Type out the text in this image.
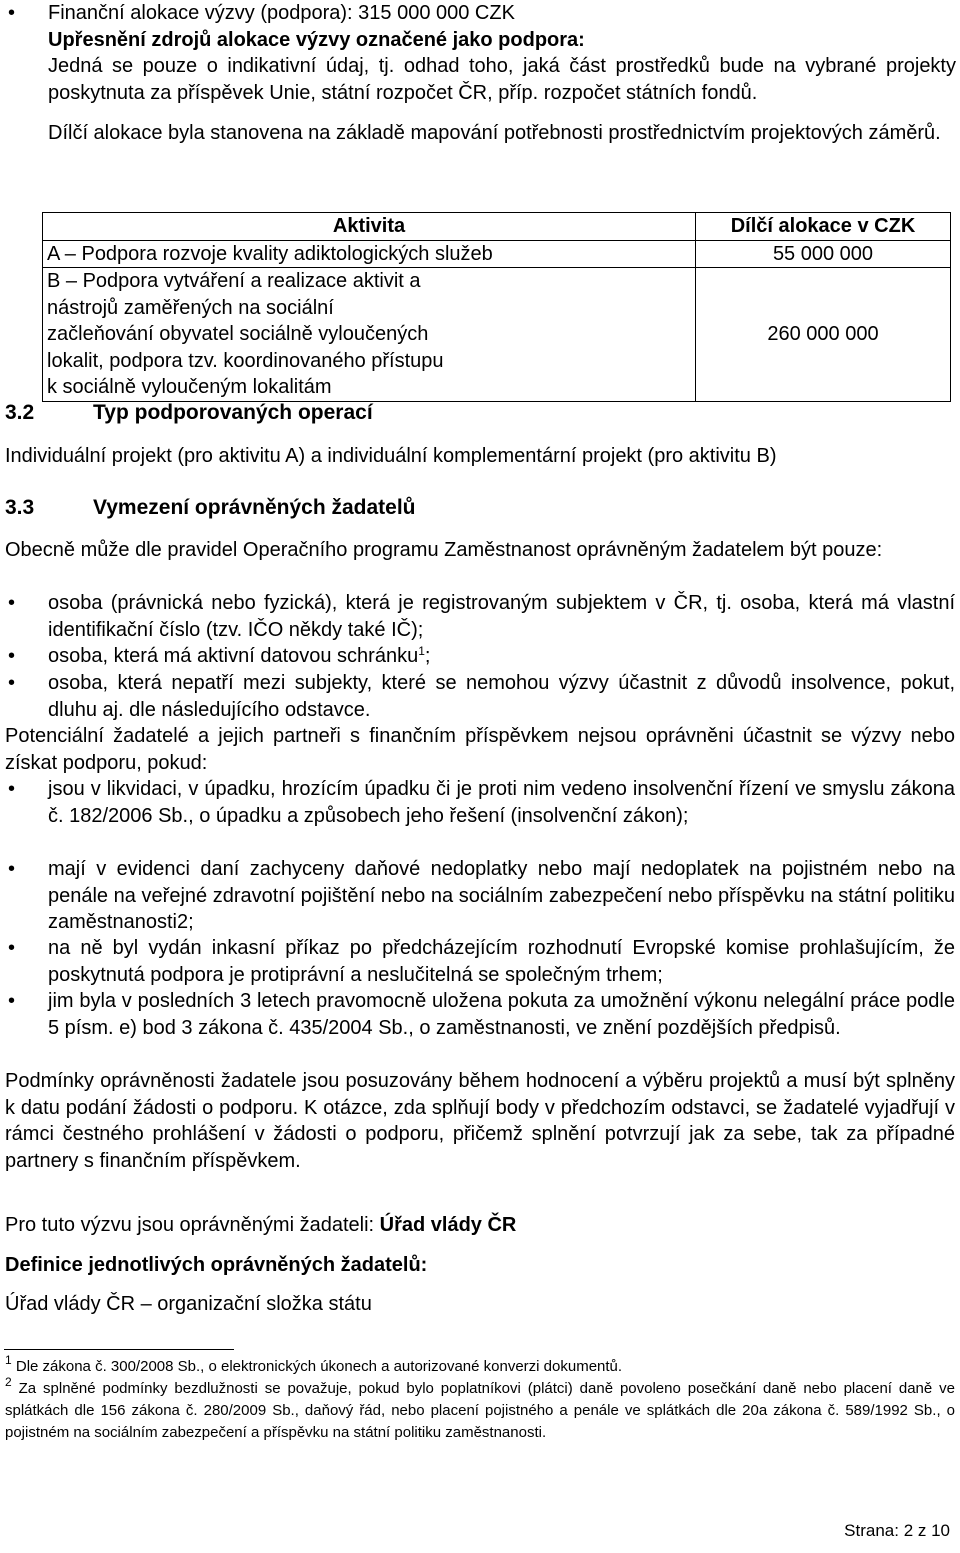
• Finanční alokace výzvy (podpora): 315 000 000 CZK
Upřesnění zdrojů alokace výzvy označené jako podpora:
Jedná se pouze o indikativní údaj, tj. odhad toho, jaká část prostředků bude na vybrané projekty poskytnuta za příspěvek Unie, státní rozpočet ČR, příp. rozpočet státních fondů.
Dílčí alokace byla stanovena na základě mapování potřebnosti prostřednictvím projektových záměrů.
Aktivita	Dílčí alokace v CZK
A – Podpora rozvoje kvality adiktologických služeb	55 000 000
B – Podpora vytváření a realizace aktivit a nástrojů zaměřených na sociální začleňování obyvatel sociálně vyloučených lokalit, podpora tzv. koordinovaného přístupu k sociálně vyloučeným lokalitám	260 000 000
3.2	Typ podporovaných operací
Individuální projekt (pro aktivitu A) a individuální komplementární projekt (pro aktivitu B)
3.3	Vymezení oprávněných žadatelů
Obecně může dle pravidel Operačního programu Zaměstnanost oprávněným žadatelem být pouze:
• osoba (právnická nebo fyzická), která je registrovaným subjektem v ČR, tj. osoba, která má vlastní identifikační číslo (tzv. IČO někdy také IČ);
• osoba, která má aktivní datovou schránku$^1$;
• osoba, která nepatří mezi subjekty, které se nemohou výzvy účastnit z důvodů insolvence, pokut, dluhu aj. dle následujícího odstavce.
Potenciální žadatelé a jejich partneři s finančním příspěvkem nejsou oprávněni účastnit se výzvy nebo získat podporu, pokud:
• jsou v likvidaci, v úpadku, hrozícím úpadku či je proti nim vedeno insolvenční řízení ve smyslu zákona č. 182/2006 Sb., o úpadku a způsobech jeho řešení (insolvenční zákon);
• mají v evidenci daní zachyceny daňové nedoplatky nebo mají nedoplatek na pojistném nebo na penále na veřejné zdravotní pojištění nebo na sociálním zabezpečení nebo příspěvku na státní politiku zaměstnanosti2;
• na ně byl vydán inkasní příkaz po předcházejícím rozhodnutí Evropské komise prohlašujícím, že poskytnutá podpora je protiprávní a neslučitelná se společným trhem;
• jim byla v posledních 3 letech pravomocně uložena pokuta za umožnění výkonu nelegální práce podle 5 písm. e) bod 3 zákona č. 435/2004 Sb., o zaměstnanosti, ve znění pozdějších předpisů.
Podmínky oprávněnosti žadatele jsou posuzovány během hodnocení a výběru projektů a musí být splněny k datu podání žádosti o podporu. K otázce, zda splňují body v předchozím odstavci, se žadatelé vyjadřují v rámci čestného prohlášení v žádosti o podporu, přičemž splnění potvrzují jak za sebe, tak za případné partnery s finančním příspěvkem.
Pro tuto výzvu jsou oprávněnými žadateli: Úřad vlády ČR
Definice jednotlivých oprávněných žadatelů:
Úřad vlády ČR – organizační složka státu
$^1$ Dle zákona č. 300/2008 Sb., o elektronických úkonech a autorizované konverzi dokumentů.
$^2$ Za splněné podmínky bezdlužnosti se považuje, pokud bylo poplatníkovi (plátci) daně povoleno posečkání daně nebo placení daně ve splátkách dle 156 zákona č. 280/2009 Sb., daňový řád, nebo placení pojistného a penále ve splátkách dle 20a zákona č. 589/1992 Sb., o pojistném na sociálním zabezpečení a příspěvku na státní politiku zaměstnanosti.
Strana: 2 z 10
